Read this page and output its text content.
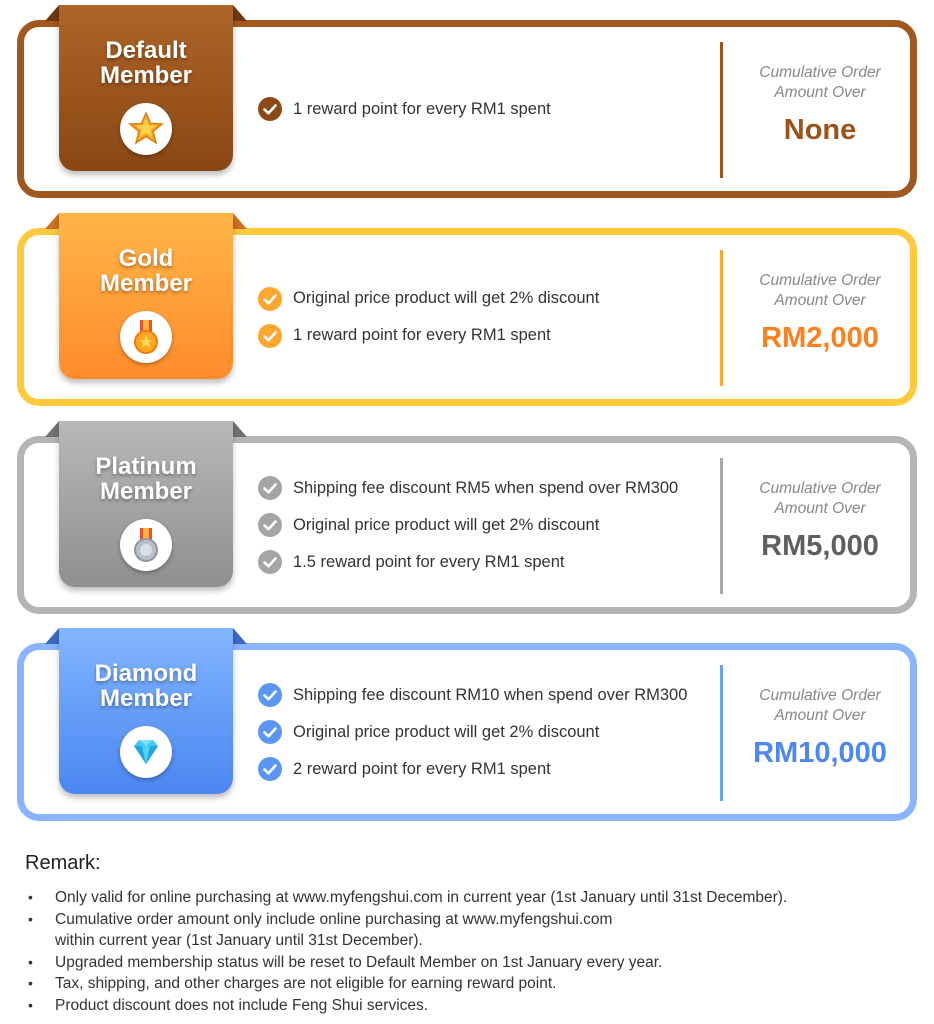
Default
Member
1 reward point for every RM1 spent
Cumulative Order
Amount Over
None
Gold
Member
Original price product will get 2% discount
1 reward point for every RM1 spent
Cumulative Order
Amount Over
RM2,000
Platinum
Member	Shipping fee discount RM5 when spend over RM300
Original price product will get 2% discount
1.5 reward point for every RM1 spent
Cumulative Order
Amount Over
RM5,000
Diamond
Member	Shipping fee discount RM10 when spend over RM300
Original price product will get 2% discount
2 reward point for every RM1 spent
Cumulative Order
Amount Over
RM10,000
Remark:
• Only valid for online purchasing at www.myfengshui.com in current year (1st January until 31st December).
• Cumulative order amount only include online purchasing at www.myfengshui.com
within current year (1st January until 31st December).
• Upgraded membership status will be reset to Default Member on 1st January every year.
• Tax, shipping, and other charges are not eligible for earning reward point.
• Product discount does not include Feng Shui services.
